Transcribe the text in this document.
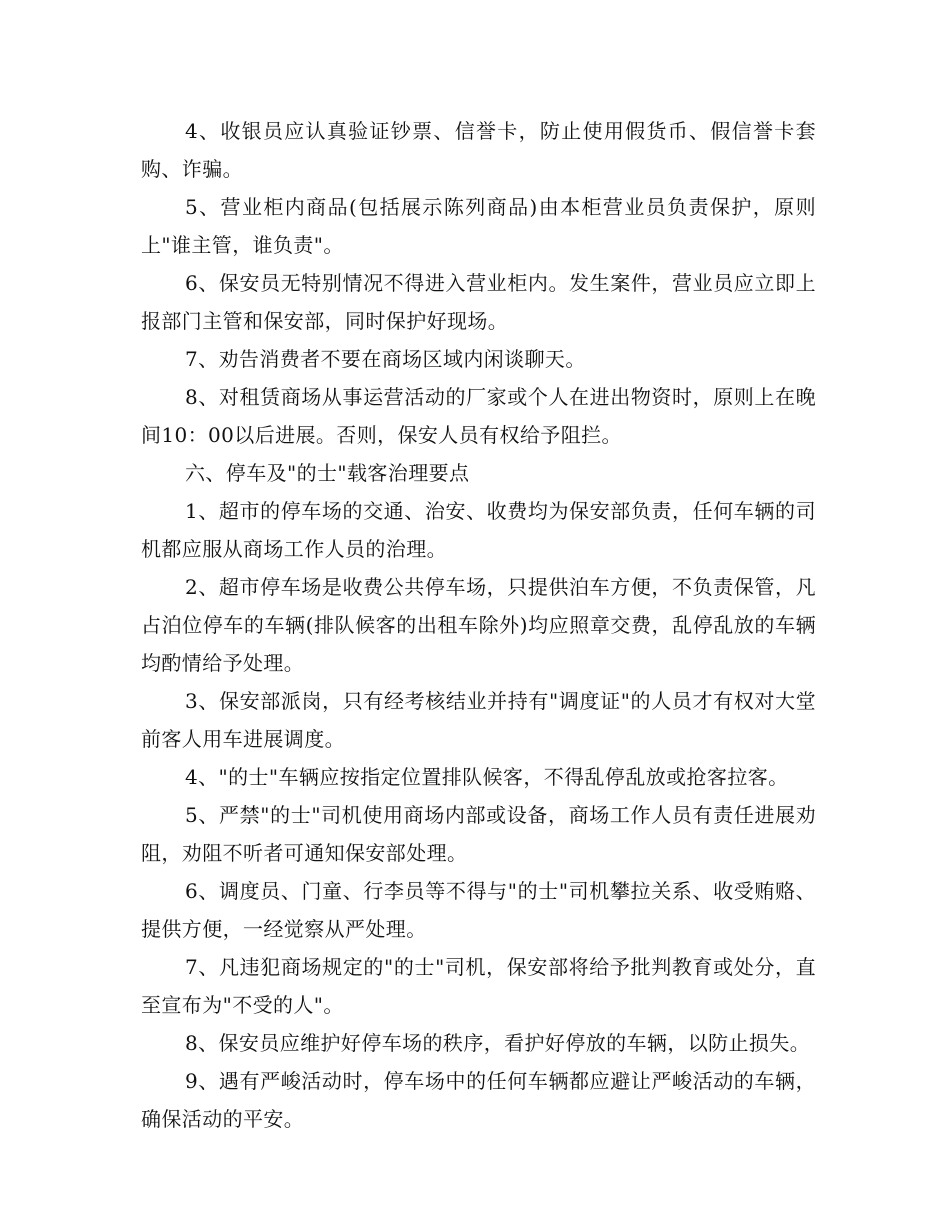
4、收银员应认真验证钞票、信誉卡，防止使用假货币、假信誉卡套购、诈骗。

5、营业柜内商品(包括展示陈列商品)由本柜营业员负责保护，原则上"谁主管，谁负责"。

6、保安员无特别情况不得进入营业柜内。发生案件，营业员应立即上报部门主管和保安部，同时保护好现场。

7、劝告消费者不要在商场区域内闲谈聊天。

8、对租赁商场从事运营活动的厂家或个人在进出物资时，原则上在晚间10：00以后进展。否则，保安人员有权给予阻拦。

六、停车及"的士"载客治理要点

1、超市的停车场的交通、治安、收费均为保安部负责，任何车辆的司机都应服从商场工作人员的治理。

2、超市停车场是收费公共停车场，只提供泊车方便，不负责保管，凡占泊位停车的车辆(排队候客的出租车除外)均应照章交费，乱停乱放的车辆均酌情给予处理。

3、保安部派岗，只有经考核结业并持有"调度证"的人员才有权对大堂前客人用车进展调度。

4、"的士"车辆应按指定位置排队候客，不得乱停乱放或抢客拉客。

5、严禁"的士"司机使用商场内部或设备，商场工作人员有责任进展劝阻，劝阻不听者可通知保安部处理。

6、调度员、门童、行李员等不得与"的士"司机攀拉关系、收受贿赂、提供方便，一经觉察从严处理。

7、凡违犯商场规定的"的士"司机，保安部将给予批判教育或处分，直至宣布为"不受的人"。

8、保安员应维护好停车场的秩序，看护好停放的车辆，以防止损失。

9、遇有严峻活动时，停车场中的任何车辆都应避让严峻活动的车辆，确保活动的平安。
